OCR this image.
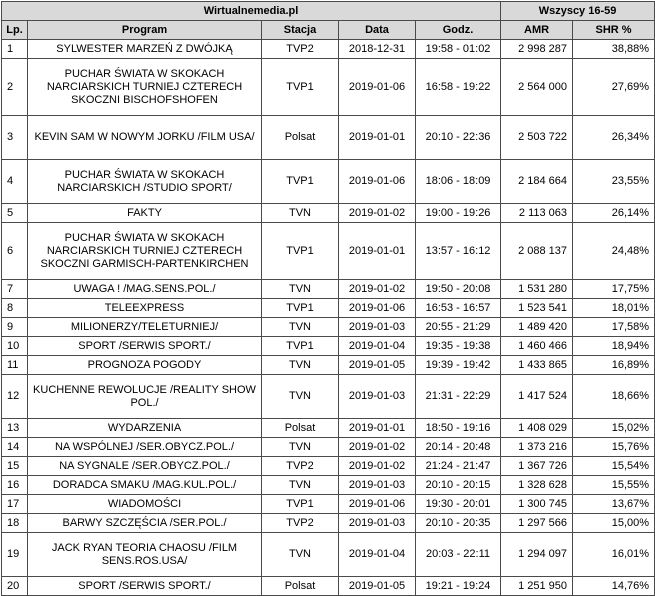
Wirtualnemedia.pl					Wszyscy 16-59	
Lp.	Program	Stacja	Data	Godz.	AMR	SHR %
1	SYLWESTER MARZEŃ Z DWÓJKĄ	TVP2	2018-12-31	19:58 - 01:02	2 998 287	38,88%
2	PUCHAR ŚWIATA W SKOKACH NARCIARSKICH TURNIEJ CZTERECH SKOCZNI BISCHOFSHOFEN	TVP1	2019-01-06	16:58 - 19:22	2 564 000	27,69%
3	KEVIN SAM W NOWYM JORKU /FILM USA/	Polsat	2019-01-01	20:10 - 22:36	2 503 722	26,34%
4	PUCHAR ŚWIATA W SKOKACH NARCIARSKICH /STUDIO SPORT/	TVP1	2019-01-06	18:06 - 18:09	2 184 664	23,55%
5	FAKTY	TVN	2019-01-02	19:00 - 19:26	2 113 063	26,14%
6	PUCHAR ŚWIATA W SKOKACH NARCIARSKICH TURNIEJ CZTERECH SKOCZNI GARMISCH-PARTENKIRCHEN	TVP1	2019-01-01	13:57 - 16:12	2 088 137	24,48%
7	UWAGA ! /MAG.SENS.POL./	TVN	2019-01-02	19:50 - 20:08	1 531 280	17,75%
8	TELEEXPRESS	TVP1	2019-01-06	16:53 - 16:57	1 523 541	18,01%
9	MILIONERZY/TELETURNIEJ/	TVN	2019-01-03	20:55 - 21:29	1 489 420	17,58%
10	SPORT /SERWIS SPORT./	TVP1	2019-01-04	19:35 - 19:38	1 460 466	18,94%
11	PROGNOZA POGODY	TVN	2019-01-05	19:39 - 19:42	1 433 865	16,89%
12	KUCHENNE REWOLUCJE /REALITY SHOW POL./	TVN	2019-01-03	21:31 - 22:29	1 417 524	18,66%
13	WYDARZENIA	Polsat	2019-01-01	18:50 - 19:16	1 408 029	15,02%
14	NA WSPÓLNEJ /SER.OBYCZ.POL./	TVN	2019-01-02	20:14 - 20:48	1 373 216	15,76%
15	NA SYGNALE /SER.OBYCZ.POL./	TVP2	2019-01-02	21:24 - 21:47	1 367 726	15,54%
16	DORADCA SMAKU /MAG.KUL.POL./	TVN	2019-01-03	20:10 - 20:15	1 328 628	15,55%
17	WIADOMOŚCI	TVP1	2019-01-06	19:30 - 20:01	1 300 745	13,67%
18	BARWY SZCZĘŚCIA /SER.POL./	TVP2	2019-01-03	20:10 - 20:35	1 297 566	15,00%
19	JACK RYAN TEORIA CHAOSU /FILM SENS.ROS.USA/	TVN	2019-01-04	20:03 - 22:11	1 294 097	16,01%
20	SPORT /SERWIS SPORT./	Polsat	2019-01-05	19:21 - 19:24	1 251 950	14,76%
